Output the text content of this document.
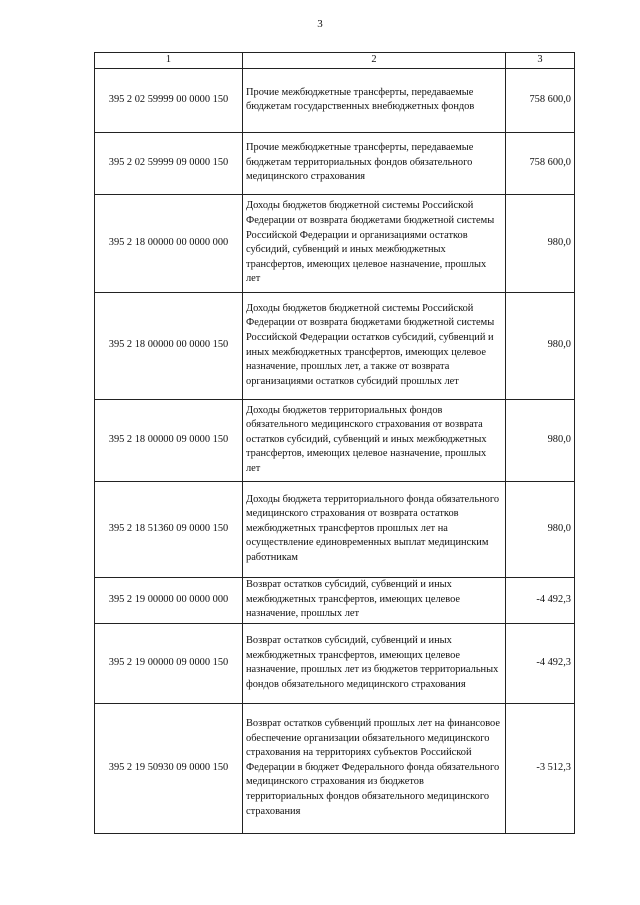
3
1	2	3
395 2 02 59999 00 0000 150	Прочие межбюджетные трансферты, передаваемые бюджетам государственных внебюджетных фондов	758 600,0
395 2 02 59999 09 0000 150	Прочие межбюджетные трансферты, передаваемые бюджетам территориальных фондов обязательного медицинского страхования	758 600,0
395 2 18 00000 00 0000 000	Доходы бюджетов бюджетной системы Российской Федерации от возврата бюджетами бюджетной системы Российской Федерации и организациями остатков субсидий, субвенций и иных межбюджетных трансфертов, имеющих целевое назначение, прошлых лет	980,0
395 2 18 00000 00 0000 150	Доходы бюджетов бюджетной системы Российской Федерации от возврата бюджетами бюджетной системы Российской Федерации остатков субсидий, субвенций и иных межбюджетных трансфертов, имеющих целевое назначение, прошлых лет, а также от возврата организациями остатков субсидий прошлых лет	980,0
395 2 18 00000 09 0000 150	Доходы бюджетов территориальных фондов обязательного медицинского страхования от возврата остатков субсидий, субвенций и иных межбюджетных трансфертов, имеющих целевое назначение, прошлых лет	980,0
395 2 18 51360 09 0000 150	Доходы бюджета территориального фонда обязательного медицинского страхования от возврата остатков межбюджетных трансфертов прошлых лет на осуществление единовременных выплат медицинским работникам	980,0
395 2 19 00000 00 0000 000	Возврат остатков субсидий, субвенций и иных межбюджетных трансфертов, имеющих целевое назначение, прошлых лет	-4 492,3
395 2 19 00000 09 0000 150	Возврат остатков субсидий, субвенций и иных межбюджетных трансфертов, имеющих целевое назначение, прошлых лет из бюджетов территориальных фондов обязательного медицинского страхования	-4 492,3
395 2 19 50930 09 0000 150	Возврат остатков субвенций прошлых лет на финансовое обеспечение организации обязательного медицинского страхования на территориях субъектов Российской Федерации в бюджет Федерального фонда обязательного медицинского страхования из бюджетов территориальных фондов обязательного медицинского страхования	-3 512,3
